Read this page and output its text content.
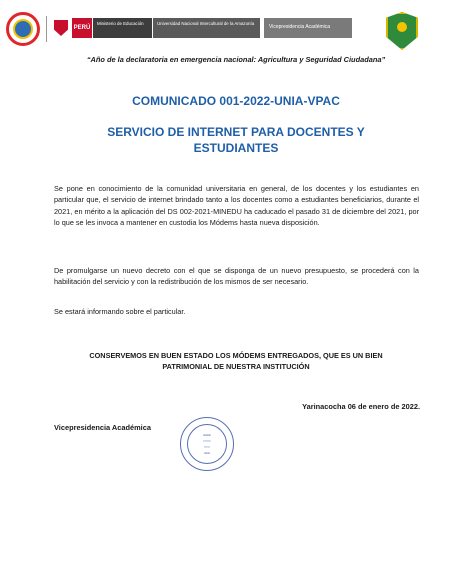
PERÚ
Ministerio de Educación	Universidad Nacional Intercultural de la Amazonía
Vicepresidencia Académica
“Año de la declaratoria en emergencia nacional: Agricultura y Seguridad Ciudadana”
COMUNICADO 001-2022-UNIA-VPAC
SERVICIO DE INTERNET PARA DOCENTES Y ESTUDIANTES

Se pone en conocimiento de la comunidad universitaria en general, de los docentes y los estudiantes en particular que, el servicio de internet brindado tanto a los docentes como a estudiantes beneficiarios, durante el 2021, en mérito a la aplicación del DS 002-2021-MINEDU ha caducado el pasado 31 de diciembre del 2021, por lo que se les invoca a mantener en custodia los Módems hasta nueva disposición.

De promulgarse un nuevo decreto con el que se disponga de un nuevo presupuesto, se procederá con la habilitación del servicio y con la redistribución de los mismos de ser necesario.

Se estará informando sobre el particular.

CONSERVEMOS EN BUEN ESTADO LOS MÓDEMS ENTREGADOS, QUE ES UN BIEN PATRIMONIAL DE NUESTRA INSTITUCIÓN
Yarinacocha 06 de enero de 2022.
Vicepresidencia Académica
●●●●
━━━━
━━━
●●●
